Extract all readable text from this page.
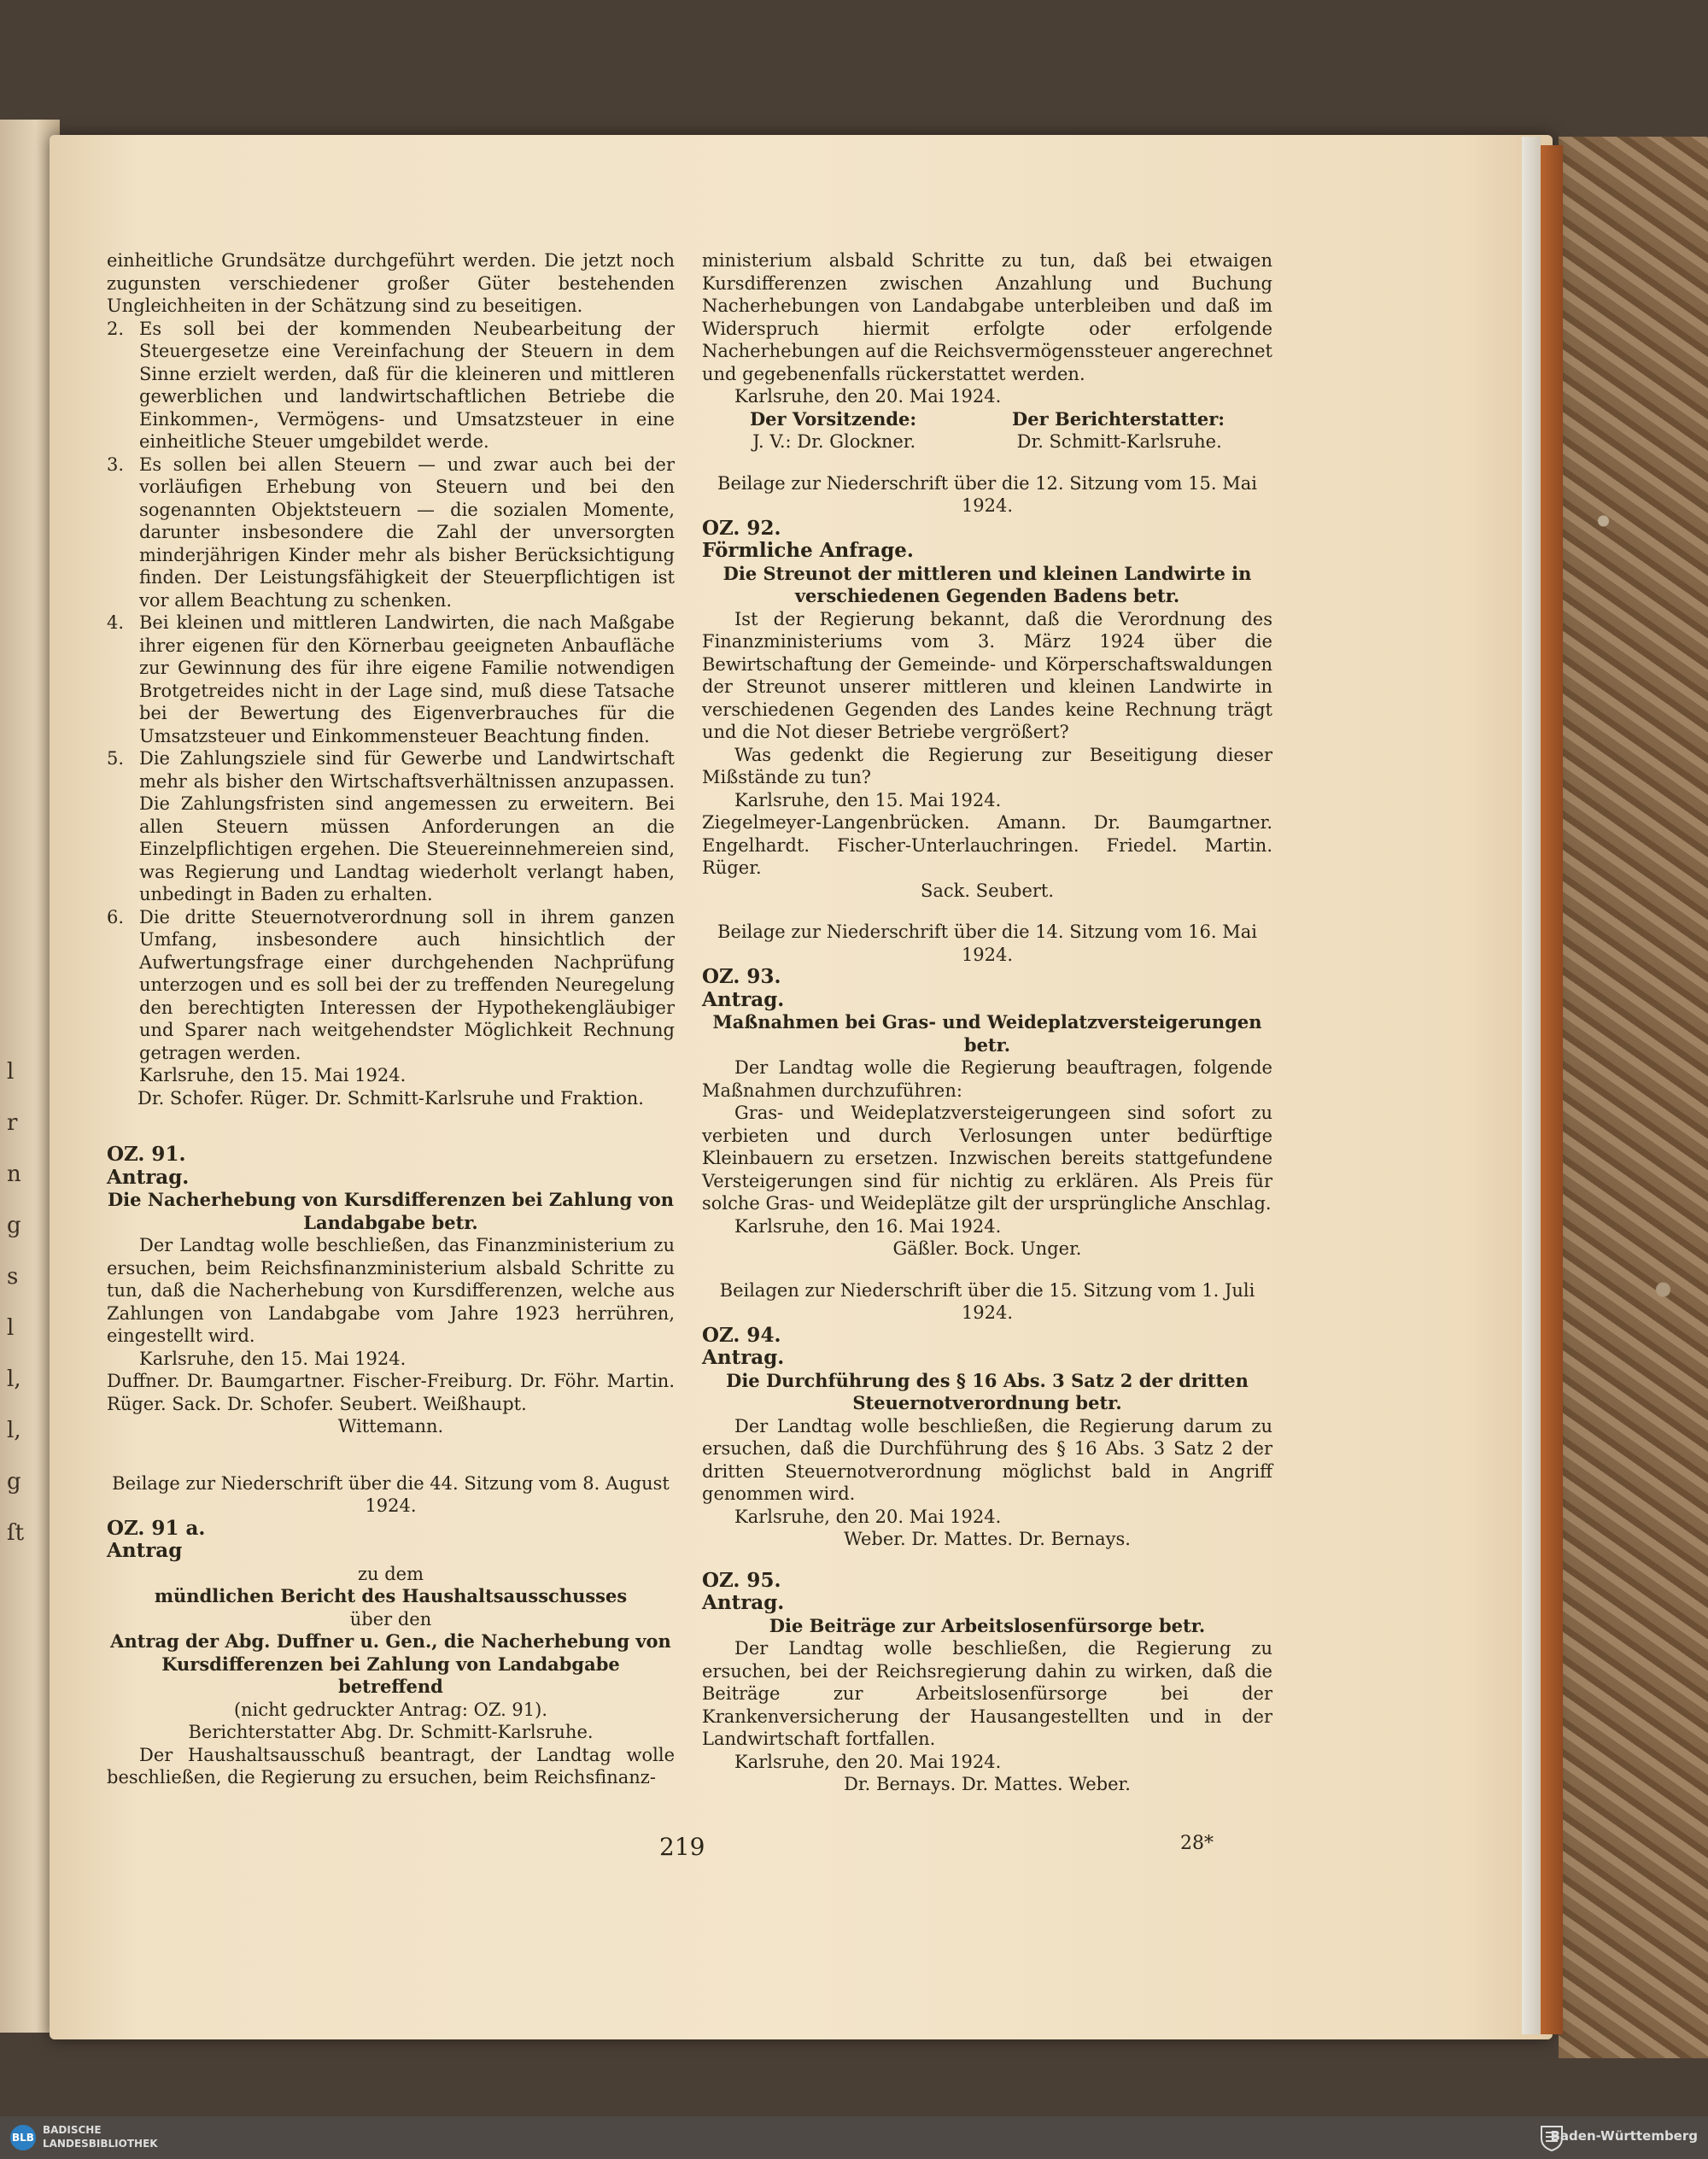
l
r
n
g
s
l
l,
l,
g
ſt

einheitliche Grundsätze durchgeführt werden. Die jetzt noch zugunsten verschiedener großer Güter bestehenden Ungleichheiten in der Schätzung sind zu beseitigen.

2. Es soll bei der kommenden Neubearbeitung der Steuergesetze eine Vereinfachung der Steuern in dem Sinne erzielt werden, daß für die kleineren und mittleren gewerblichen und landwirtschaftlichen Betriebe die Einkommen-, Vermögens- und Umsatzsteuer in eine einheitliche Steuer umgebildet werde.
3. Es sollen bei allen Steuern — und zwar auch bei der vorläufigen Erhebung von Steuern und bei den sogenannten Objektsteuern — die sozialen Momente, darunter insbesondere die Zahl der unversorgten minderjährigen Kinder mehr als bisher Berücksichtigung finden. Der Leistungsfähigkeit der Steuerpflichtigen ist vor allem Beachtung zu schenken.
4. Bei kleinen und mittleren Landwirten, die nach Maßgabe ihrer eigenen für den Körnerbau geeigneten Anbaufläche zur Gewinnung des für ihre eigene Familie notwendigen Brotgetreides nicht in der Lage sind, muß diese Tatsache bei der Bewertung des Eigenverbrauches für die Umsatzsteuer und Einkommensteuer Beachtung finden.
5. Die Zahlungsziele sind für Gewerbe und Landwirtschaft mehr als bisher den Wirtschaftsverhältnissen anzupassen. Die Zahlungsfristen sind angemessen zu erweitern. Bei allen Steuern müssen Anforderungen an die Einzelpflichtigen ergehen. Die Steuereinnehmereien sind, was Regierung und Landtag wiederholt verlangt haben, unbedingt in Baden zu erhalten.
6. Die dritte Steuernotverordnung soll in ihrem ganzen Umfang, insbesondere auch hinsichtlich der Aufwertungsfrage einer durchgehenden Nachprüfung unterzogen und es soll bei der zu treffenden Neuregelung den berechtigten Interessen der Hypothekengläubiger und Sparer nach weitgehendster Möglichkeit Rechnung getragen werden.

Karlsruhe, den 15. Mai 1924.

Dr. Schofer. Rüger. Dr. Schmitt-Karlsruhe und Fraktion.

OZ. 91.

Antrag.

Die Nacherhebung von Kursdifferenzen bei Zahlung von Landabgabe betr.

Der Landtag wolle beschließen, das Finanzministerium zu ersuchen, beim Reichsfinanzministerium alsbald Schritte zu tun, daß die Nacherhebung von Kursdifferenzen, welche aus Zahlungen von Landabgabe vom Jahre 1923 herrühren, eingestellt wird.

Karlsruhe, den 15. Mai 1924.

Duffner. Dr. Baumgartner. Fischer-Freiburg. Dr. Föhr. Martin. Rüger. Sack. Dr. Schofer. Seubert. Weißhaupt.

Wittemann.

Beilage zur Niederschrift über die 44. Sitzung vom 8. August 1924.

OZ. 91 a.

Antrag

zu dem

mündlichen Bericht des Haushaltsausschusses

über den

Antrag der Abg. Duffner u. Gen., die Nacherhebung von Kursdifferenzen bei Zahlung von Landabgabe betreffend

(nicht gedruckter Antrag: OZ. 91).

Berichterstatter Abg. Dr. Schmitt-Karlsruhe.

Der Haushaltsausschuß beantragt, der Landtag wolle beschließen, die Regierung zu ersuchen, beim Reichsfinanz-

ministerium alsbald Schritte zu tun, daß bei etwaigen Kursdifferenzen zwischen Anzahlung und Buchung Nacherhebungen von Landabgabe unterbleiben und daß im Widerspruch hiermit erfolgte oder erfolgende Nacherhebungen auf die Reichsvermögenssteuer angerechnet und gegebenenfalls rückerstattet werden.

Karlsruhe, den 20. Mai 1924.

Der Vorsitzende:	Der Berichterstatter:
J. V.: Dr. Glockner.	Dr. Schmitt-Karlsruhe.

Beilage zur Niederschrift über die 12. Sitzung vom 15. Mai 1924.

OZ. 92.

Förmliche Anfrage.

Die Streunot der mittleren und kleinen Landwirte in verschiedenen Gegenden Badens betr.

Ist der Regierung bekannt, daß die Verordnung des Finanzministeriums vom 3. März 1924 über die Bewirtschaftung der Gemeinde- und Körperschaftswaldungen der Streunot unserer mittleren und kleinen Landwirte in verschiedenen Gegenden des Landes keine Rechnung trägt und die Not dieser Betriebe vergrößert?

Was gedenkt die Regierung zur Beseitigung dieser Mißstände zu tun?

Karlsruhe, den 15. Mai 1924.

Ziegelmeyer-Langenbrücken. Amann. Dr. Baumgartner. Engelhardt. Fischer-Unterlauchringen. Friedel. Martin. Rüger.

Sack. Seubert.

Beilage zur Niederschrift über die 14. Sitzung vom 16. Mai 1924.

OZ. 93.

Antrag.

Maßnahmen bei Gras- und Weideplatzversteigerungen betr.

Der Landtag wolle die Regierung beauftragen, folgende Maßnahmen durchzuführen:

Gras- und Weideplatzversteigerungeen sind sofort zu verbieten und durch Verlosungen unter bedürftige Kleinbauern zu ersetzen. Inzwischen bereits stattgefundene Versteigerungen sind für nichtig zu erklären. Als Preis für solche Gras- und Weideplätze gilt der ursprüngliche Anschlag.

Karlsruhe, den 16. Mai 1924.

Gäßler. Bock. Unger.

Beilagen zur Niederschrift über die 15. Sitzung vom 1. Juli 1924.

OZ. 94.

Antrag.

Die Durchführung des § 16 Abs. 3 Satz 2 der dritten Steuernotverordnung betr.

Der Landtag wolle beschließen, die Regierung darum zu ersuchen, daß die Durchführung des § 16 Abs. 3 Satz 2 der dritten Steuernotverordnung möglichst bald in Angriff genommen wird.

Karlsruhe, den 20. Mai 1924.

Weber. Dr. Mattes. Dr. Bernays.

OZ. 95.

Antrag.

Die Beiträge zur Arbeitslosenfürsorge betr.

Der Landtag wolle beschließen, die Regierung zu ersuchen, bei der Reichsregierung dahin zu wirken, daß die Beiträge zur Arbeitslosenfürsorge bei der Krankenversicherung der Hausangestellten und in der Landwirtschaft fortfallen.

Karlsruhe, den 20. Mai 1924.

Dr. Bernays. Dr. Mattes. Weber.

219	28*
BLB
BADISCHE
LANDESBIBLIOTHEK	Baden-Württemberg
